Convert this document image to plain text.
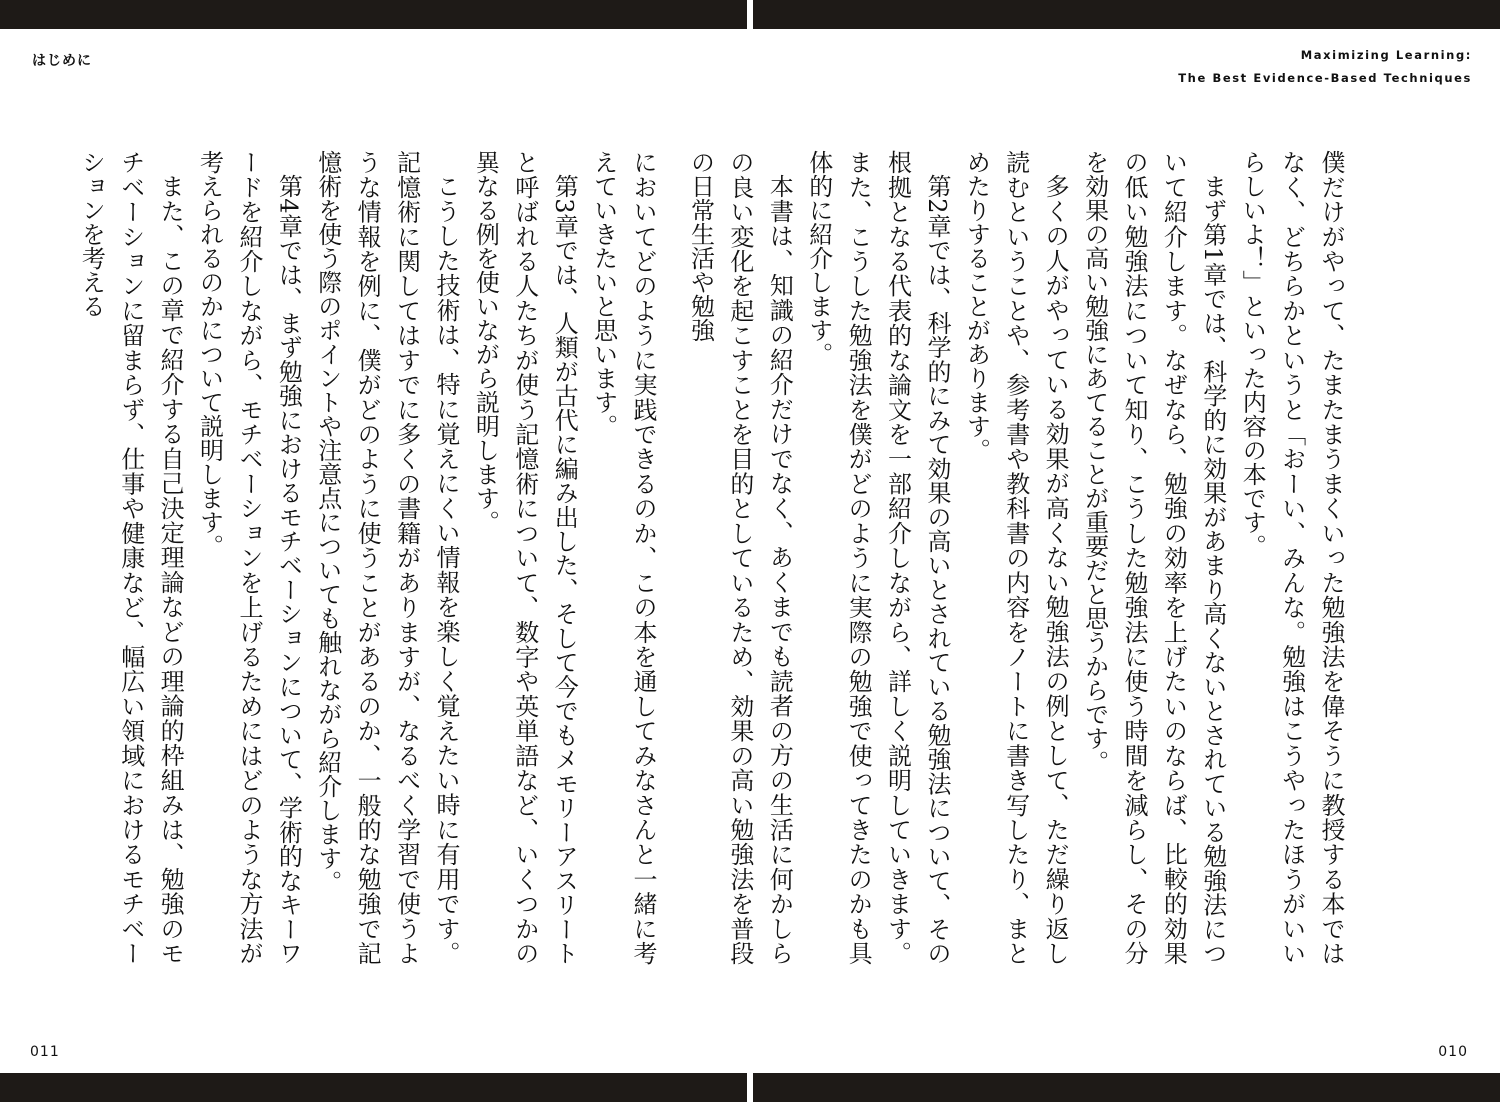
はじめに	Maximizing Learning:
The Best Evidence-Based Techniques

僕だけがやって、たまたまうまくいった勉強法を偉そうに教授する本ではなく、どちらかというと「おーい、みんな。勉強はこうやったほうがいいらしいよ！」といった内容の本です。

まず第1章では、科学的に効果があまり高くないとされている勉強法について紹介します。なぜなら、勉強の効率を上げたいのならば、比較的効果の低い勉強法について知り、こうした勉強法に使う時間を減らし、その分を効果の高い勉強にあてることが重要だと思うからです。

多くの人がやっている効果が高くない勉強法の例として、ただ繰り返し読むということや、参考書や教科書の内容をノートに書き写したり、まとめたりすることがあります。

第2章では、科学的にみて効果の高いとされている勉強法について、その根拠となる代表的な論文を一部紹介しながら、詳しく説明していきます。また、こうした勉強法を僕がどのように実際の勉強で使ってきたのかも具体的に紹介します。

本書は、知識の紹介だけでなく、あくまでも読者の方の生活に何かしらの良い変化を起こすことを目的としているため、効果の高い勉強法を普段の日常生活や勉強

においてどのように実践できるのか、この本を通してみなさんと一緒に考えていきたいと思います。

第3章では、人類が古代に編み出した、そして今でもメモリーアスリートと呼ばれる人たちが使う記憶術について、数字や英単語など、いくつかの異なる例を使いながら説明します。

こうした技術は、特に覚えにくい情報を楽しく覚えたい時に有用です。記憶術に関してはすでに多くの書籍がありますが、なるべく学習で使うような情報を例に、僕がどのように使うことがあるのか、一般的な勉強で記憶術を使う際のポイントや注意点についても触れながら紹介します。

第4章では、まず勉強におけるモチベーションについて、学術的なキーワードを紹介しながら、モチベーションを上げるためにはどのような方法が考えられるのかについて説明します。

また、この章で紹介する自己決定理論などの理論的枠組みは、勉強のモチベーションに留まらず、仕事や健康など、幅広い領域におけるモチベーションを考える

011	010
